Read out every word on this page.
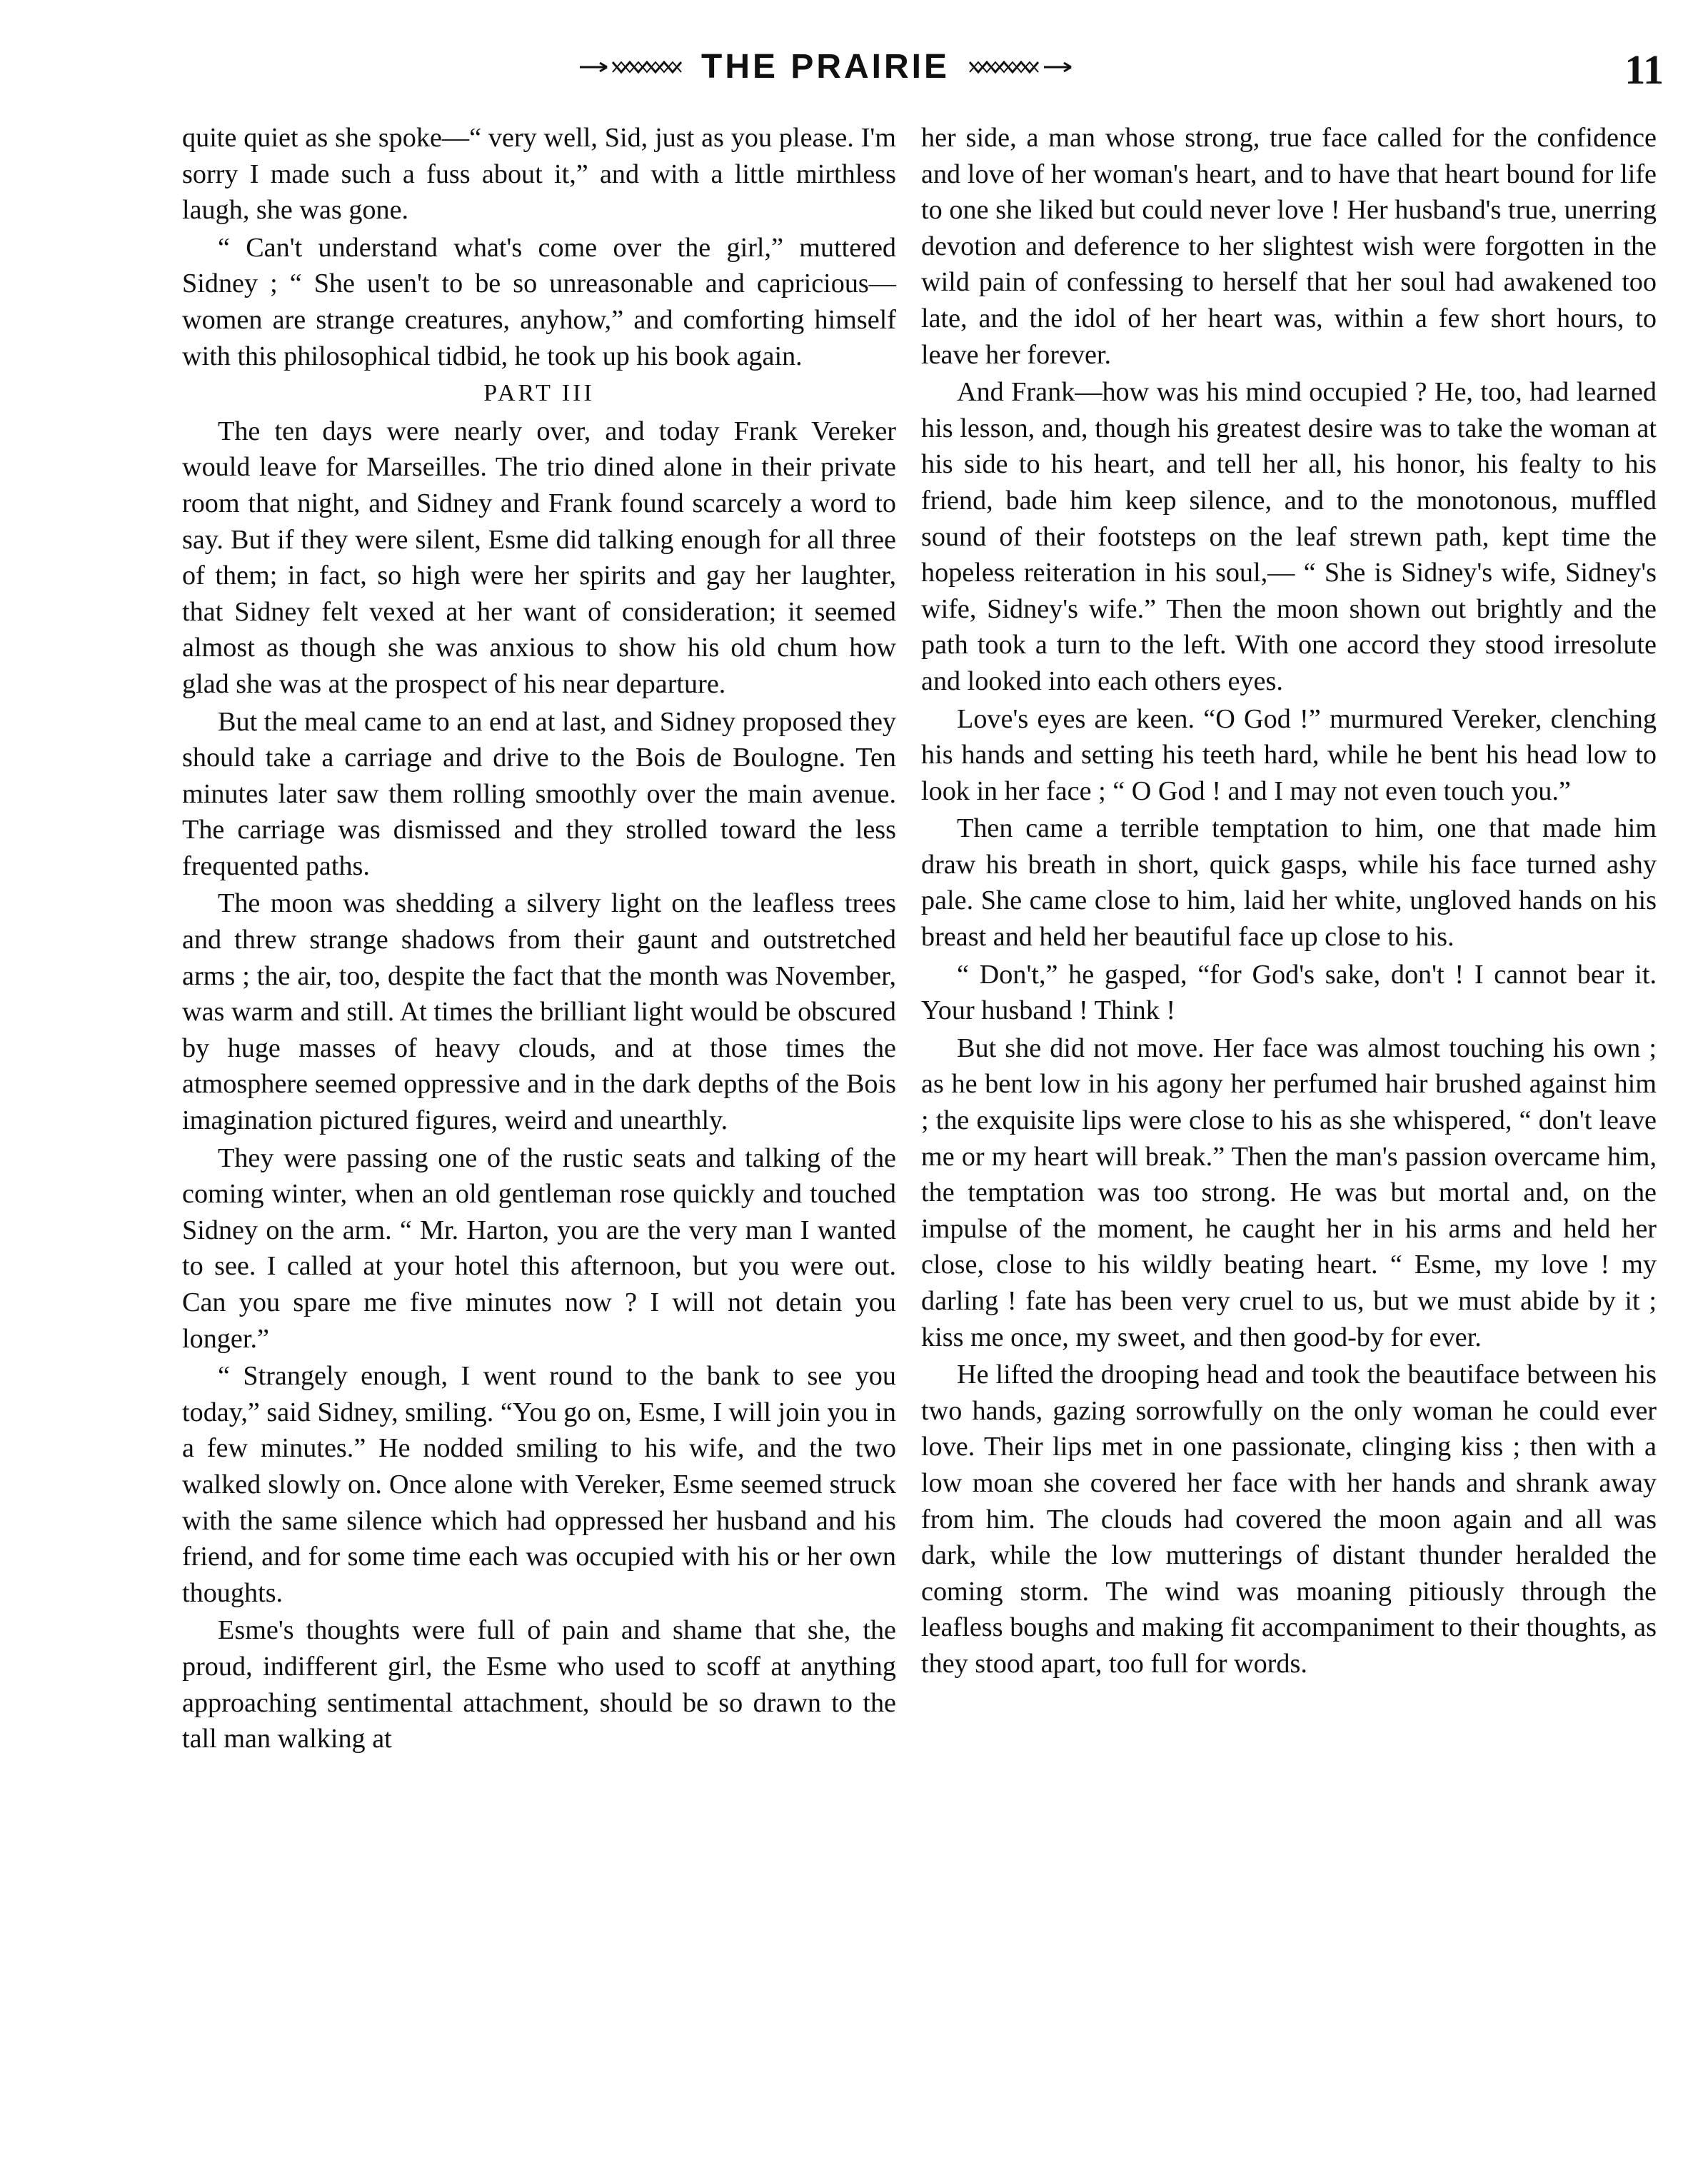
THE PRAIRIE	11

quite quiet as she spoke—“ very well, Sid, just as you please. I'm sorry I made such a fuss about it,” and with a little mirthless laugh, she was gone.

“ Can't understand what's come over the girl,” muttered Sidney ; “ She usen't to be so unreasonable and capricious— women are strange creatures, anyhow,” and comforting himself with this philosophical tidbid, he took up his book again.

PART III

The ten days were nearly over, and today Frank Vereker would leave for Marseilles. The trio dined alone in their private room that night, and Sidney and Frank found scarcely a word to say. But if they were silent, Esme did talking enough for all three of them; in fact, so high were her spirits and gay her laughter, that Sidney felt vexed at her want of consideration; it seemed almost as though she was anxious to show his old chum how glad she was at the prospect of his near departure.

But the meal came to an end at last, and Sidney proposed they should take a carriage and drive to the Bois de Boulogne. Ten minutes later saw them rolling smoothly over the main avenue. The carriage was dismissed and they strolled toward the less frequented paths.

The moon was shedding a silvery light on the leafless trees and threw strange shadows from their gaunt and outstretched arms ; the air, too, despite the fact that the month was November, was warm and still. At times the brilliant light would be obscured by huge masses of heavy clouds, and at those times the atmosphere seemed oppressive and in the dark depths of the Bois imagination pictured figures, weird and unearthly.

They were passing one of the rustic seats and talking of the coming winter, when an old gentleman rose quickly and touched Sidney on the arm. “ Mr. Harton, you are the very man I wanted to see. I called at your hotel this afternoon, but you were out. Can you spare me five minutes now ? I will not detain you longer.”

“ Strangely enough, I went round to the bank to see you today,” said Sidney, smiling. “You go on, Esme, I will join you in a few minutes.” He nodded smiling to his wife, and the two walked slowly on. Once alone with Vereker, Esme seemed struck with the same silence which had oppressed her husband and his friend, and for some time each was occupied with his or her own thoughts.

Esme's thoughts were full of pain and shame that she, the proud, indifferent girl, the Esme who used to scoff at anything approaching sentimental attachment, should be so drawn to the tall man walking at

her side, a man whose strong, true face called for the confidence and love of her woman's heart, and to have that heart bound for life to one she liked but could never love ! Her husband's true, unerring devotion and deference to her slightest wish were forgotten in the wild pain of confessing to herself that her soul had awakened too late, and the idol of her heart was, within a few short hours, to leave her forever.

And Frank—how was his mind occupied ? He, too, had learned his lesson, and, though his greatest desire was to take the woman at his side to his heart, and tell her all, his honor, his fealty to his friend, bade him keep silence, and to the monotonous, muffled sound of their footsteps on the leaf strewn path, kept time the hopeless reiteration in his soul,— “ She is Sidney's wife, Sidney's wife, Sidney's wife.” Then the moon shown out brightly and the path took a turn to the left. With one accord they stood irresolute and looked into each others eyes.

Love's eyes are keen. “O God !” murmured Vereker, clenching his hands and setting his teeth hard, while he bent his head low to look in her face ; “ O God ! and I may not even touch you.”

Then came a terrible temptation to him, one that made him draw his breath in short, quick gasps, while his face turned ashy pale. She came close to him, laid her white, ungloved hands on his breast and held her beautiful face up close to his.

“ Don't,” he gasped, “for God's sake, don't ! I cannot bear it. Your husband ! Think !

But she did not move. Her face was almost touching his own ; as he bent low in his agony her perfumed hair brushed against him ; the exquisite lips were close to his as she whispered, “ don't leave me or my heart will break.” Then the man's passion overcame him, the temptation was too strong. He was but mortal and, on the impulse of the moment, he caught her in his arms and held her close, close to his wildly beating heart. “ Esme, my love ! my darling ! fate has been very cruel to us, but we must abide by it ; kiss me once, my sweet, and then good-by for ever.

He lifted the drooping head and took the beautiface between his two hands, gazing sorrowfully on the only woman he could ever love. Their lips met in one passionate, clinging kiss ; then with a low moan she covered her face with her hands and shrank away from him. The clouds had covered the moon again and all was dark, while the low mutterings of distant thunder heralded the coming storm. The wind was moaning pitiously through the leafless boughs and making fit accompaniment to their thoughts, as they stood apart, too full for words.
